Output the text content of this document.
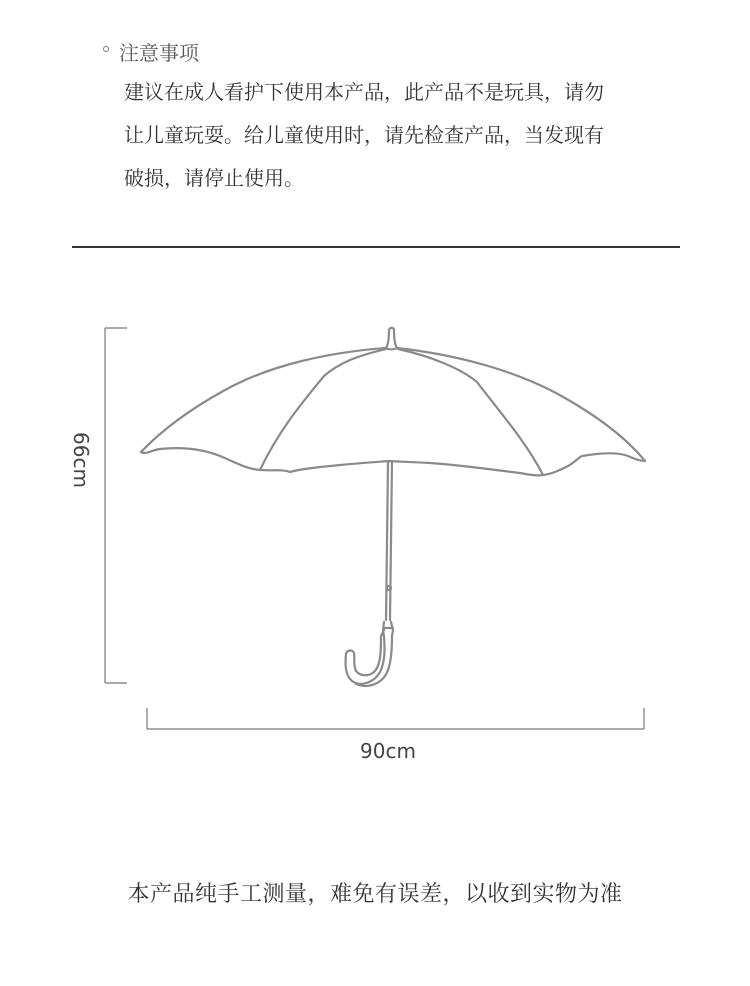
注意事项
建议在成人看护下使用本产品，此产品不是玩具，请勿
让儿童玩耍。给儿童使用时，请先检查产品，当发现有
破损，请停止使用。
66cm
90cm
本产品纯手工测量，难免有误差，以收到实物为准
